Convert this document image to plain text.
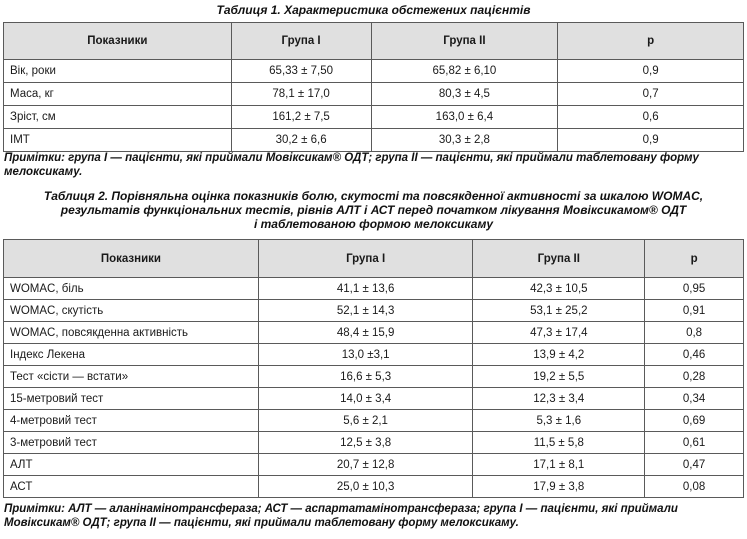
Таблиця 1. Характеристика обстежених пацієнтів
Показники	Група I	Група II	p
Вік, роки	65,33 ± 7,50	65,82 ± 6,10	0,9
Маса, кг	78,1 ± 17,0	80,3 ± 4,5	0,7
Зріст, см	161,2 ± 7,5	163,0 ± 6,4	0,6
ІМТ	30,2 ± 6,6	30,3 ± 2,8	0,9
Примітки: група I — пацієнти, які приймали Мовіксикам® ОДТ; група II — пацієнти, які приймали таблетовану форму мелоксикаму.
Таблиця 2. Порівняльна оцінка показників болю, скутості та повсякденної активності за шкалою WOMAC,
результатів функціональних тестів, рівнів АЛТ і АСТ перед початком лікування Мовіксикамом® ОДТ
і таблетованою формою мелоксикаму
Показники	Група I	Група II	p
WOMAC, біль	41,1 ± 13,6	42,3 ± 10,5	0,95
WOMAC, скутість	52,1 ± 14,3	53,1 ± 25,2	0,91
WOMAC, повсякденна активність	48,4 ± 15,9	47,3 ± 17,4	0,8
Індекс Лекена	13,0 ±3,1	13,9 ± 4,2	0,46
Тест «сісти — встати»	16,6 ± 5,3	19,2 ± 5,5	0,28
15-метровий тест	14,0 ± 3,4	12,3 ± 3,4	0,34
4-метровий тест	5,6 ± 2,1	5,3 ± 1,6	0,69
3-метровий тест	12,5 ± 3,8	11,5 ± 5,8	0,61
АЛТ	20,7 ± 12,8	17,1 ± 8,1	0,47
АСТ	25,0 ± 10,3	17,9 ± 3,8	0,08
Примітки: АЛТ — аланінамінотрансфераза; АСТ — аспартатамінотрансфераза; група I — пацієнти, які приймали Мовіксикам® ОДТ; група II — пацієнти, які приймали таблетовану форму мелоксикаму.
